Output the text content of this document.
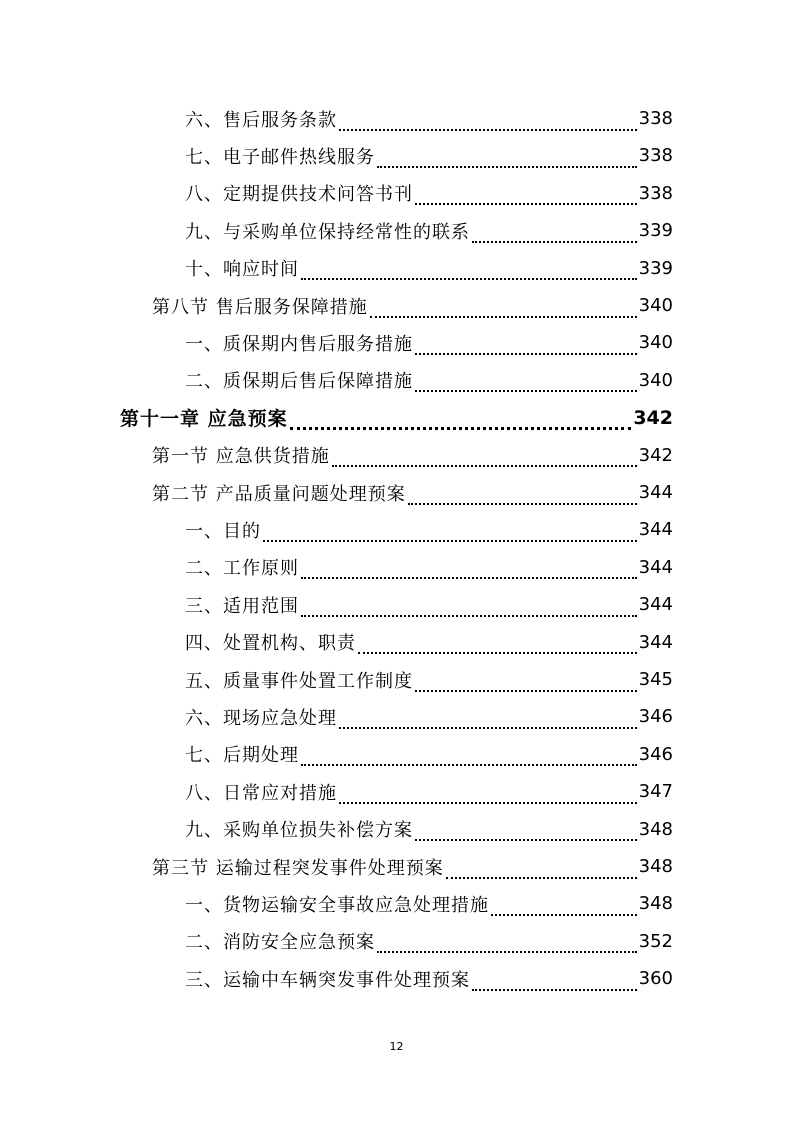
六、售后服务条款	338
七、电子邮件热线服务	338
八、定期提供技术问答书刊	338
九、与采购单位保持经常性的联系	339
十、响应时间	339
第八节 售后服务保障措施	340
一、质保期内售后服务措施	340
二、质保期后售后保障措施	340
第十一章 应急预案	342
第一节 应急供货措施	342
第二节 产品质量问题处理预案	344
一、目的	344
二、工作原则	344
三、适用范围	344
四、处置机构、职责	344
五、质量事件处置工作制度	345
六、现场应急处理	346
七、后期处理	346
八、日常应对措施	347
九、采购单位损失补偿方案	348
第三节 运输过程突发事件处理预案	348
一、货物运输安全事故应急处理措施	348
二、消防安全应急预案	352
三、运输中车辆突发事件处理预案	360
12
